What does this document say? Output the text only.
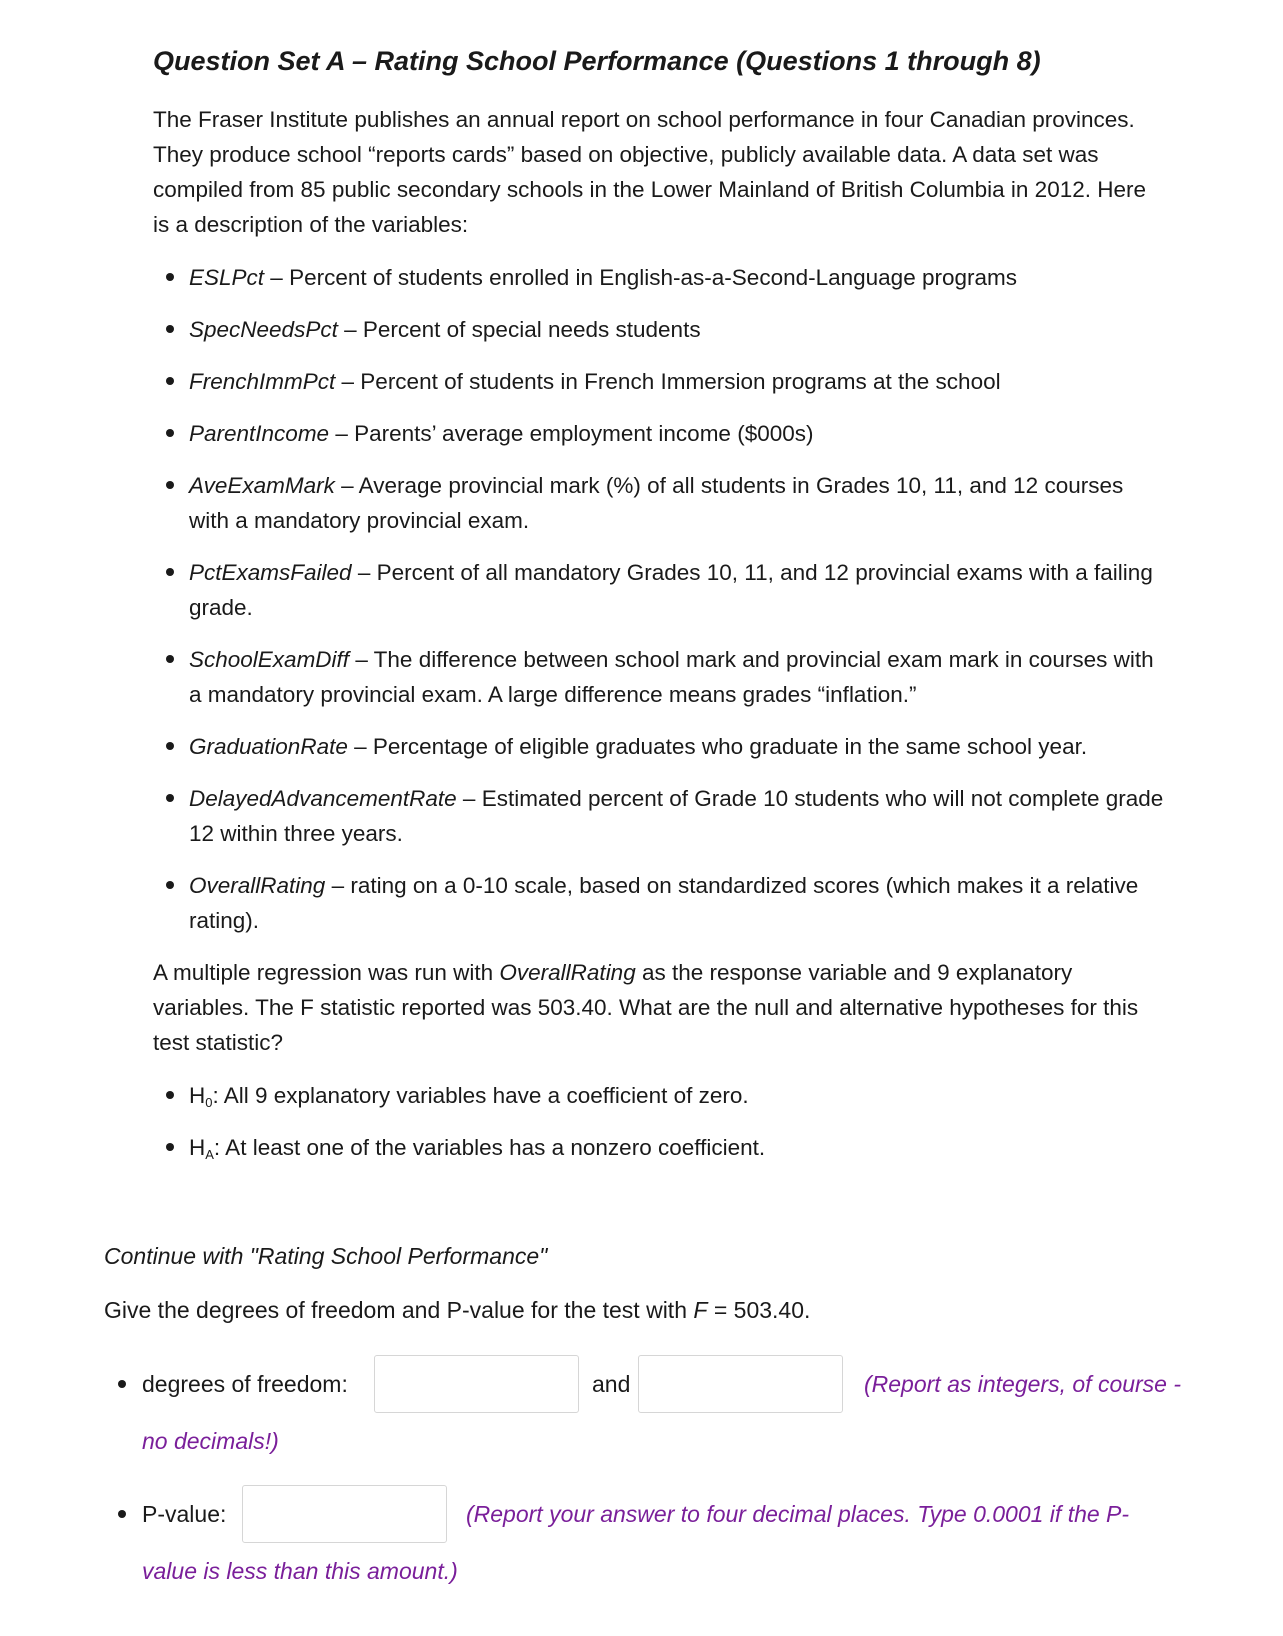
Question Set A – Rating School Performance (Questions 1 through 8)

The Fraser Institute publishes an annual report on school performance in four Canadian provinces.
They produce school “reports cards” based on objective, publicly available data. A data set was
compiled from 85 public secondary schools in the Lower Mainland of British Columbia in 2012. Here
is a description of the variables:

ESLPct – Percent of students enrolled in English-as-a-Second-Language programs
SpecNeedsPct – Percent of special needs students
FrenchImmPct – Percent of students in French Immersion programs at the school
ParentIncome – Parents’ average employment income ($000s)
AveExamMark – Average provincial mark (%) of all students in Grades 10, 11, and 12 courses
with a mandatory provincial exam.
PctExamsFailed – Percent of all mandatory Grades 10, 11, and 12 provincial exams with a failing
grade.
SchoolExamDiff – The difference between school mark and provincial exam mark in courses with
a mandatory provincial exam. A large difference means grades “inflation.”
GraduationRate – Percentage of eligible graduates who graduate in the same school year.
DelayedAdvancementRate – Estimated percent of Grade 10 students who will not complete grade
12 within three years.
OverallRating – rating on a 0-10 scale, based on standardized scores (which makes it a relative
rating).

A multiple regression was run with OverallRating as the response variable and 9 explanatory
variables. The F statistic reported was 503.40. What are the null and alternative hypotheses for this
test statistic?

$H_0$: All 9 explanatory variables have a coefficient of zero.
$H_A$: At least one of the variables has a nonzero coefficient.

Continue with "Rating School Performance"

Give the degrees of freedom and P-value for the test with F = 503.40.

degrees of freedom:	and	(Report as integers, of course -
no decimals!)
P-value:	(Report your answer to four decimal places. Type 0.0001 if the P-
value is less than this amount.)
